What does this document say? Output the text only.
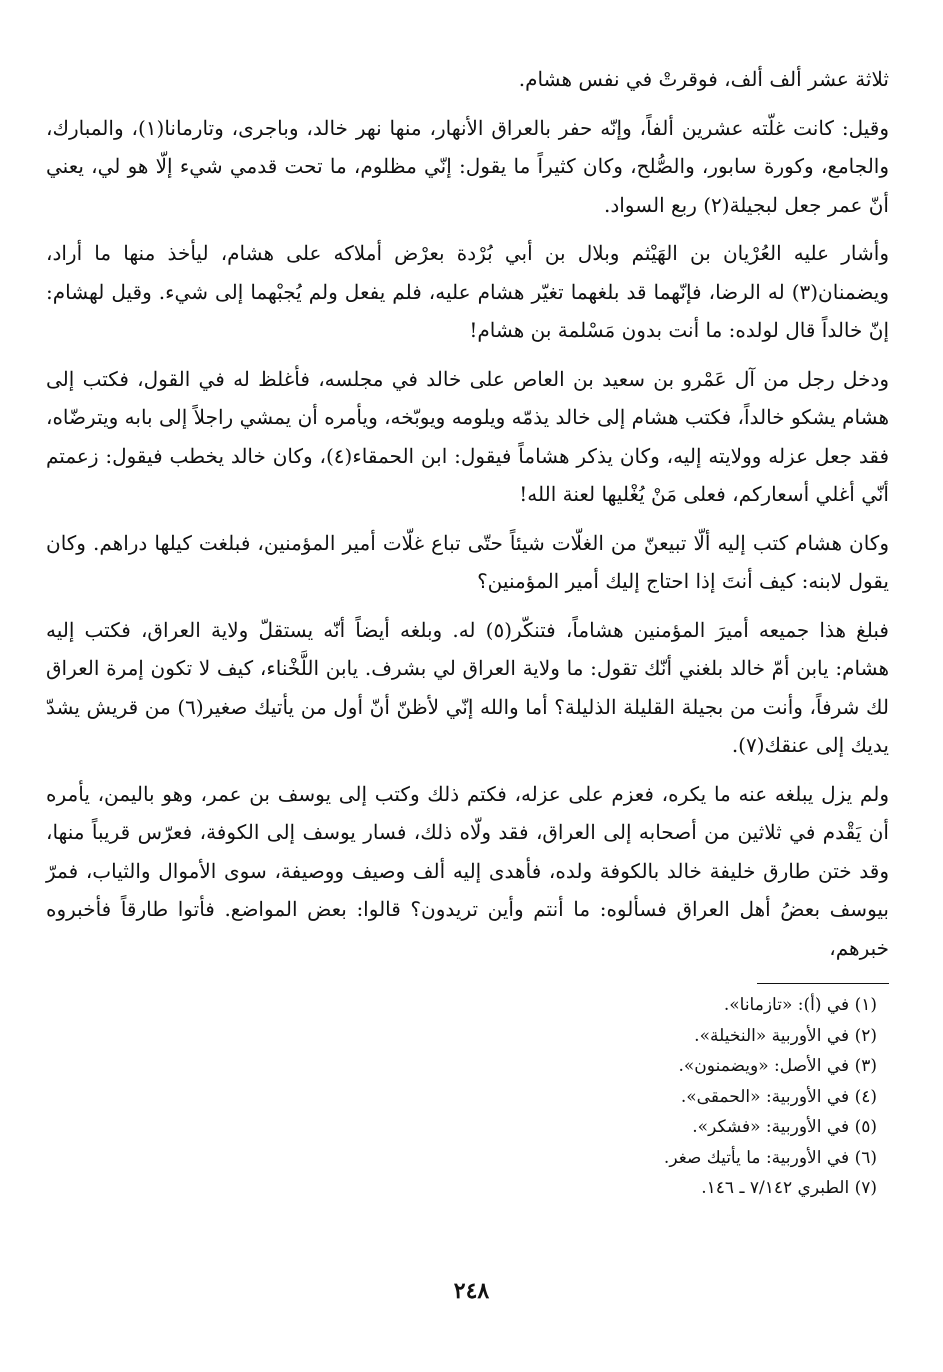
ثلاثة عشر ألف ألف، فوقرتْ في نفس هشام.

وقيل: كانت غلّته عشرين ألفاً، وإنّه حفر بالعراق الأنهار، منها نهر خالد، وباجرى، وتارمانا(١)، والمبارك، والجامع، وكورة سابور، والصُّلح، وكان كثيراً ما يقول: إنّي مظلوم، ما تحت قدمي شيء إلّا هو لي، يعني أنّ عمر جعل لبجيلة(٢) ربع السواد.

وأشار عليه العُرْيان بن الهَيْثم وبلال بن أبي بُرْدة بعرْض أملاكه على هشام، ليأخذ منها ما أراد، ويضمنان(٣) له الرضا، فإنّهما قد بلغهما تغيّر هشام عليه، فلم يفعل ولم يُجبْهما إلى شيء. وقيل لهشام: إنّ خالداً قال لولده: ما أنت بدون مَسْلمة بن هشام!

ودخل رجل من آل عَمْرو بن سعيد بن العاص على خالد في مجلسه، فأغلظ له في القول، فكتب إلى هشام يشكو خالداً، فكتب هشام إلى خالد يذمّه ويلومه ويوبّخه، ويأمره أن يمشي راجلاً إلى بابه ويترضّاه، فقد جعل عزله وولايته إليه، وكان يذكر هشاماً فيقول: ابن الحمقاء(٤)، وكان خالد يخطب فيقول: زعمتم أنّي أغلي أسعاركم، فعلى مَنْ يُغْليها لعنة الله!

وكان هشام كتب إليه ألّا تبيعنّ من الغلّات شيئاً حتّى تباع غلّات أمير المؤمنين، فبلغت كيلها دراهم. وكان يقول لابنه: كيف أنتَ إذا احتاج إليك أمير المؤمنين؟

فبلغ هذا جميعه أميرَ المؤمنين هشاماً، فتنكّر(٥) له. وبلغه أيضاً أنّه يستقلّ ولاية العراق، فكتب إليه هشام: يابن أمّ خالد بلغني أنّك تقول: ما ولاية العراق لي بشرف. يابن اللَّخْناء، كيف لا تكون إمرة العراق لك شرفاً، وأنت من بجيلة القليلة الذليلة؟ أما والله إنّي لأظنّ أنّ أول من يأتيك صغير(٦) من قريش يشدّ يديك إلى عنقك(٧).

ولم يزل يبلغه عنه ما يكره، فعزم على عزله، فكتم ذلك وكتب إلى يوسف بن عمر، وهو باليمن، يأمره أن يَقْدم في ثلاثين من أصحابه إلى العراق، فقد ولّاه ذلك، فسار يوسف إلى الكوفة، فعرّس قريباً منها، وقد ختن طارق خليفة خالد بالكوفة ولده، فأهدى إليه ألف وصيف ووصيفة، سوى الأموال والثياب، فمرّ بيوسف بعضُ أهل العراق فسألوه: ما أنتم وأين تريدون؟ قالوا: بعض المواضع. فأتوا طارقاً فأخبروه خبرهم،

(١) في (أ): «تازمانا».
(٢) في الأوربية «النخيلة».
(٣) في الأصل: «ويضمنون».
(٤) في الأوربية: «الحمقى».
(٥) في الأوربية: «فشكر».
(٦) في الأوربية: ما يأتيك صغر.
(٧) الطبري ٧/١٤٢ ـ ١٤٦.
٢٤٨
